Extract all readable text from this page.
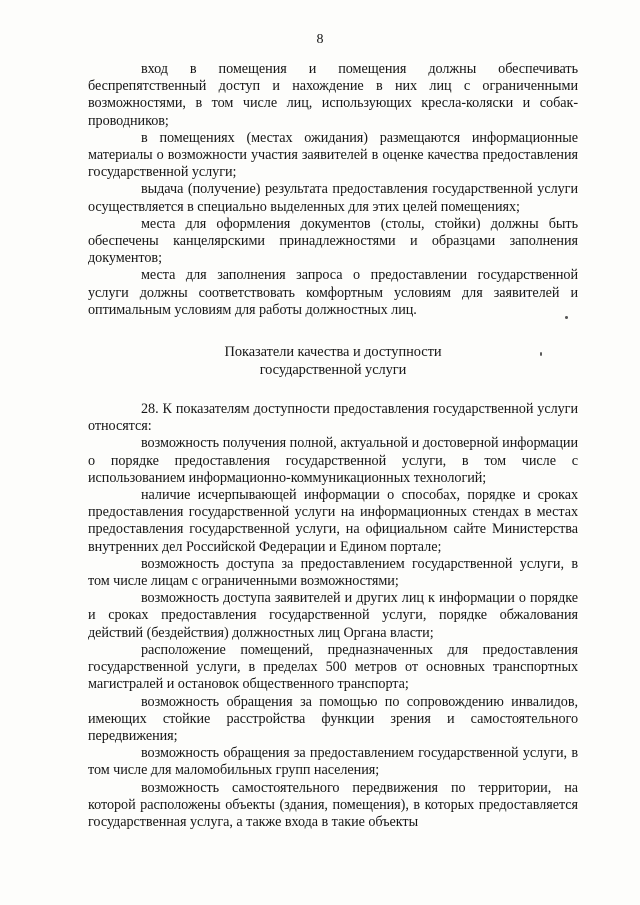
8

вход в помещения и помещения должны обеспечивать беспрепятственный доступ и нахождение в них лиц с ограниченными возможностями, в том числе лиц, использующих кресла-коляски и собак-проводников;

в помещениях (местах ожидания) размещаются информационные материалы о возможности участия заявителей в оценке качества предоставления государственной услуги;

выдача (получение) результата предоставления государственной услуги осуществляется в специально выделенных для этих целей помещениях;

места для оформления документов (столы, стойки) должны быть обеспечены канцелярскими принадлежностями и образцами заполнения документов;

места для заполнения запроса о предоставлении государственной услуги должны соответствовать комфортным условиям для заявителей и оптимальным условиям для работы должностных лиц.

Показатели качества и доступности
государственной услуги

28. К показателям доступности предоставления государственной услуги относятся:

возможность получения полной, актуальной и достоверной информации о порядке предоставления государственной услуги, в том числе с использованием информационно-коммуникационных технологий;

наличие исчерпывающей информации о способах, порядке и сроках предоставления государственной услуги на информационных стендах в местах предоставления государственной услуги, на официальном сайте Министерства внутренних дел Российской Федерации и Едином портале;

возможность доступа за предоставлением государственной услуги, в том числе лицам с ограниченными возможностями;

возможность доступа заявителей и других лиц к информации о порядке и сроках предоставления государственной услуги, порядке обжалования действий (бездействия) должностных лиц Органа власти;

расположение помещений, предназначенных для предоставления государственной услуги, в пределах 500 метров от основных транспортных магистралей и остановок общественного транспорта;

возможность обращения за помощью по сопровождению инвалидов, имеющих стойкие расстройства функции зрения и самостоятельного передвижения;

возможность обращения за предоставлением государственной услуги, в том числе для маломобильных групп населения;

возможность самостоятельного передвижения по территории, на которой расположены объекты (здания, помещения), в которых предоставляется государственная услуга, а также входа в такие объекты
